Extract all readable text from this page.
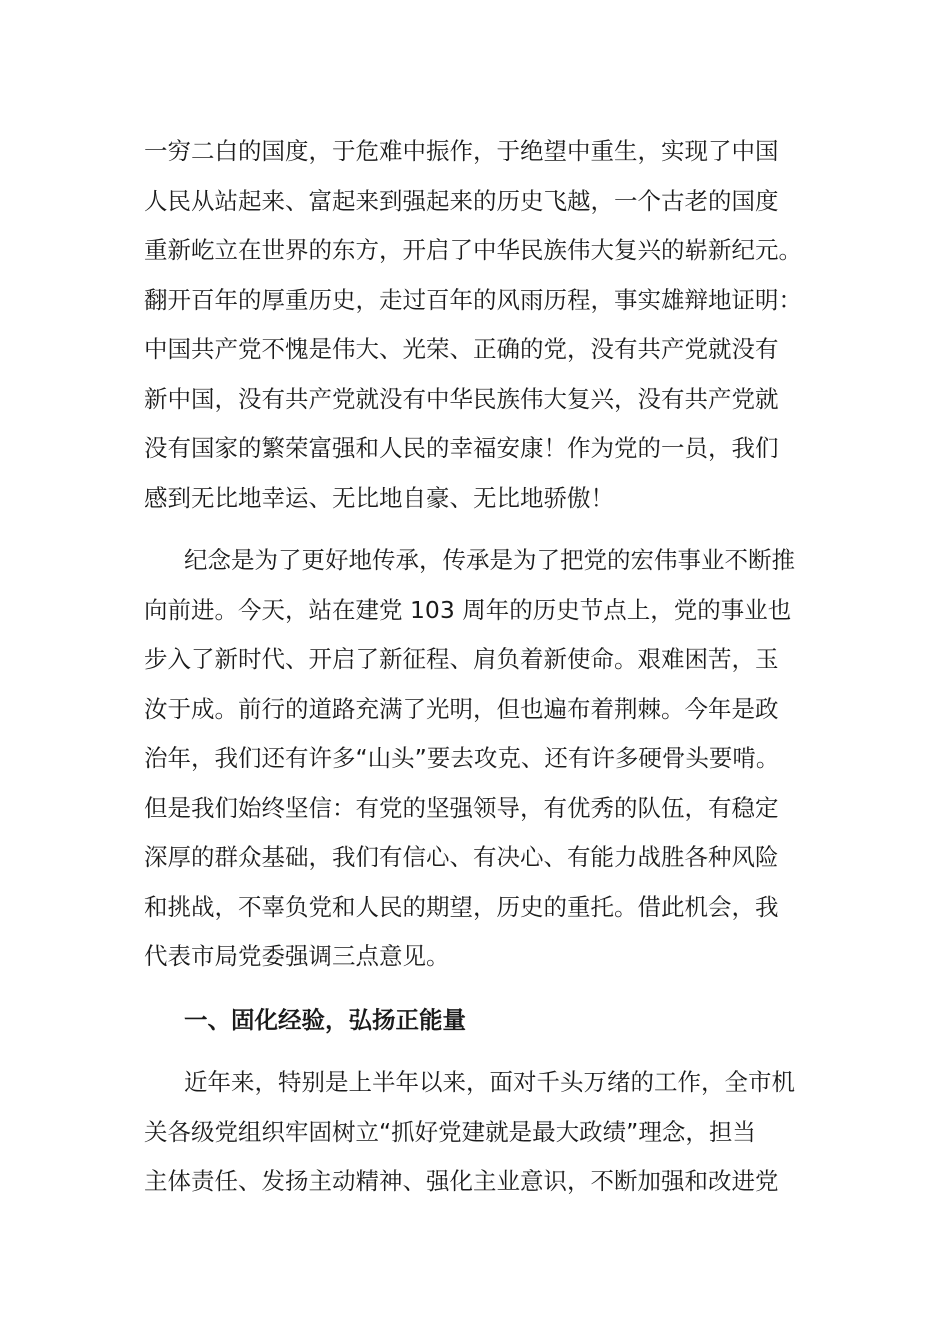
一穷二白的国度，于危难中振作，于绝望中重生，实现了中国
人民从站起来、富起来到强起来的历史飞越，一个古老的国度
重新屹立在世界的东方，开启了中华民族伟大复兴的崭新纪元。
翻开百年的厚重历史，走过百年的风雨历程，事实雄辩地证明：
中国共产党不愧是伟大、光荣、正确的党，没有共产党就没有
新中国，没有共产党就没有中华民族伟大复兴，没有共产党就
没有国家的繁荣富强和人民的幸福安康！作为党的一员，我们
感到无比地幸运、无比地自豪、无比地骄傲！
纪念是为了更好地传承，传承是为了把党的宏伟事业不断推
向前进。今天，站在建党 103 周年的历史节点上，党的事业也
步入了新时代、开启了新征程、肩负着新使命。艰难困苦，玉
汝于成。前行的道路充满了光明，但也遍布着荆棘。今年是政
治年，我们还有许多“山头”要去攻克、还有许多硬骨头要啃。
但是我们始终坚信：有党的坚强领导，有优秀的队伍，有稳定
深厚的群众基础，我们有信心、有决心、有能力战胜各种风险
和挑战，不辜负党和人民的期望，历史的重托。借此机会，我
代表市局党委强调三点意见。
一、固化经验，弘扬正能量
近年来，特别是上半年以来，面对千头万绪的工作，全市机
关各级党组织牢固树立“抓好党建就是最大政绩”理念，担当
主体责任、发扬主动精神、强化主业意识，不断加强和改进党
